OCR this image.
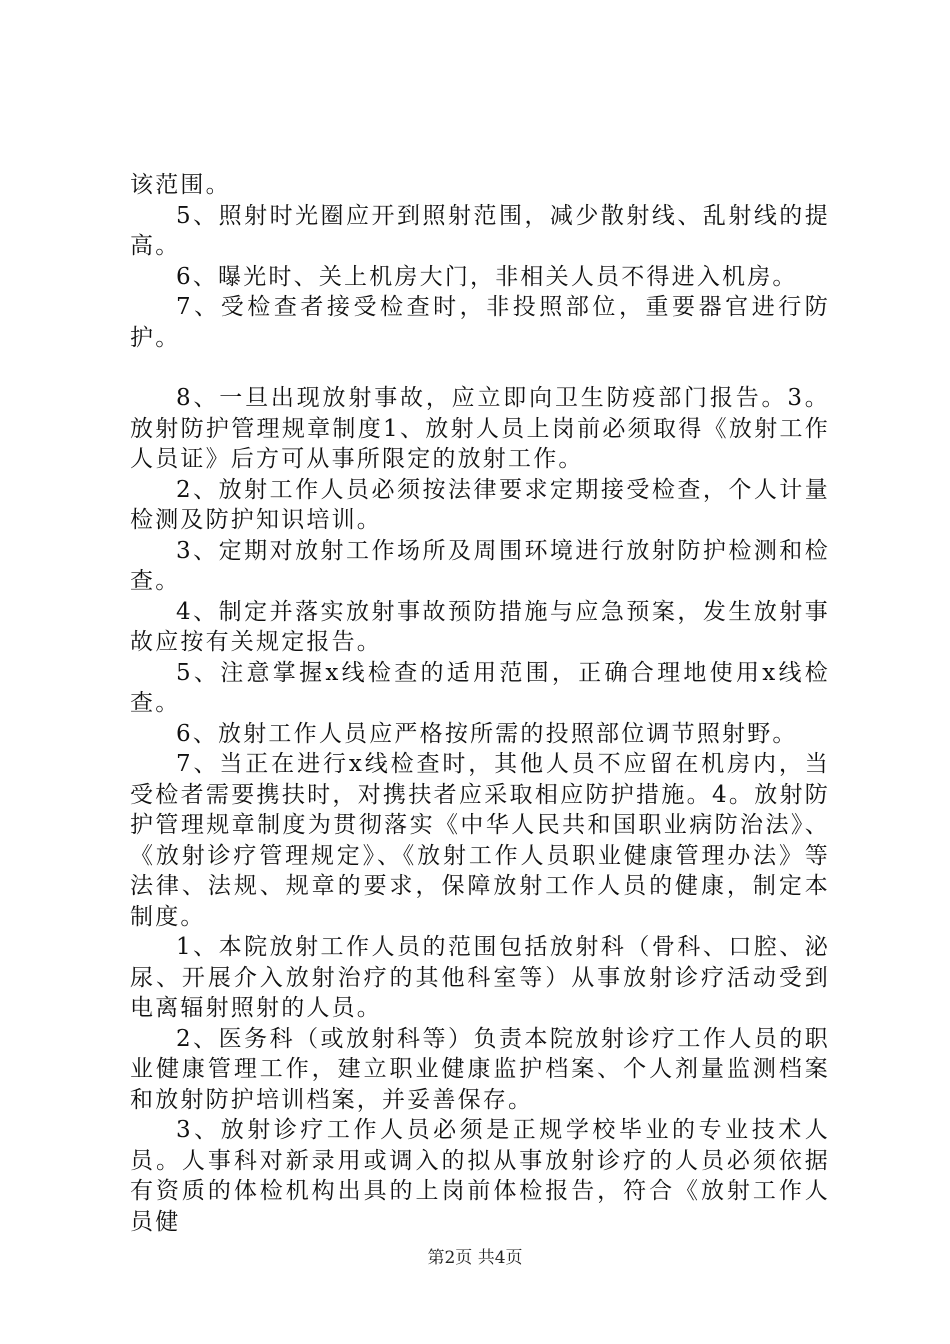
该范围。

5、照射时光圈应开到照射范围，减少散射线、乱射线的提高。

6、曝光时、关上机房大门，非相关人员不得进入机房。

7、受检查者接受检查时，非投照部位，重要器官进行防护。

8、一旦出现放射事故，应立即向卫生防疫部门报告。3。放射防护管理规章制度1、放射人员上岗前必须取得《放射工作人员证》后方可从事所限定的放射工作。

2、放射工作人员必须按法律要求定期接受检查，个人计量检测及防护知识培训。

3、定期对放射工作场所及周围环境进行放射防护检测和检查。

4、制定并落实放射事故预防措施与应急预案，发生放射事故应按有关规定报告。

5、注意掌握x线检查的适用范围，正确合理地使用x线检查。

6、放射工作人员应严格按所需的投照部位调节照射野。

7、当正在进行x线检查时，其他人员不应留在机房内，当受检者需要携扶时，对携扶者应采取相应防护措施。4。放射防护管理规章制度为贯彻落实《中华人民共和国职业病防治法》、《放射诊疗管理规定》、《放射工作人员职业健康管理办法》等法律、法规、规章的要求，保障放射工作人员的健康，制定本制度。

1、本院放射工作人员的范围包括放射科（骨科、口腔、泌尿、开展介入放射治疗的其他科室等）从事放射诊疗活动受到电离辐射照射的人员。

2、医务科（或放射科等）负责本院放射诊疗工作人员的职业健康管理工作，建立职业健康监护档案、个人剂量监测档案和放射防护培训档案，并妥善保存。

3、放射诊疗工作人员必须是正规学校毕业的专业技术人员。人事科对新录用或调入的拟从事放射诊疗的人员必须依据有资质的体检机构出具的上岗前体检报告，符合《放射工作人员健

第2页 共4页
